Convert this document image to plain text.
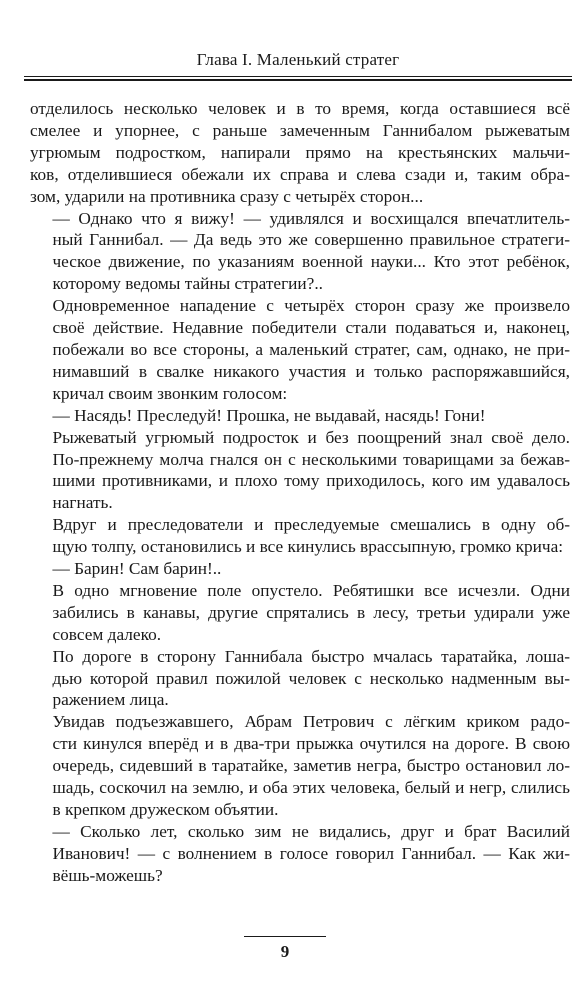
Глава I. Маленький стратег

отделилось несколько человек и в то время, когда оставшиеся всё
смелее и упорнее, с раньше замеченным Ганнибалом рыжеватым
угрюмым подростком, напирали прямо на крестьянских мальчи-
ков, отделившиеся обежали их справа и слева сзади и, таким обра-
зом, ударили на противника сразу с четырёх сторон...

— Однако что я вижу! — удивлялся и восхищался впечатлитель-
ный Ганнибал. — Да ведь это же совершенно правильное стратеги-
ческое движение, по указаниям военной науки... Кто этот ребёнок,
которому ведомы тайны стратегии?..

Одновременное нападение с четырёх сторон сразу же произвело
своё действие. Недавние победители стали подаваться и, наконец,
побежали во все стороны, а маленький стратег, сам, однако, не при-
нимавший в свалке никакого участия и только распоряжавшийся,
кричал своим звонким голосом:

— Насядь! Преследуй! Прошка, не выдавай, насядь! Гони!

Рыжеватый угрюмый подросток и без поощрений знал своё дело.
По-прежнему молча гнался он с несколькими товарищами за бежав-
шими противниками, и плохо тому приходилось, кого им удавалось
нагнать.

Вдруг и преследователи и преследуемые смешались в одну об-
щую толпу, остановились и все кинулись врассыпную, громко крича:

— Барин! Сам барин!..

В одно мгновение поле опустело. Ребятишки все исчезли. Одни
забились в канавы, другие спрятались в лесу, третьи удирали уже
совсем далеко.

По дороге в сторону Ганнибала быстро мчалась таратайка, лоша-
дью которой правил пожилой человек с несколько надменным вы-
ражением лица.

Увидав подъезжавшего, Абрам Петрович с лёгким криком радо-
сти кинулся вперёд и в два-три прыжка очутился на дороге. В свою
очередь, сидевший в таратайке, заметив негра, быстро остановил ло-
шадь, соскочил на землю, и оба этих человека, белый и негр, слились
в крепком дружеском объятии.

— Сколько лет, сколько зим не видались, друг и брат Василий
Иванович! — с волнением в голосе говорил Ганнибал. — Как жи-
вёшь-можешь?

9
